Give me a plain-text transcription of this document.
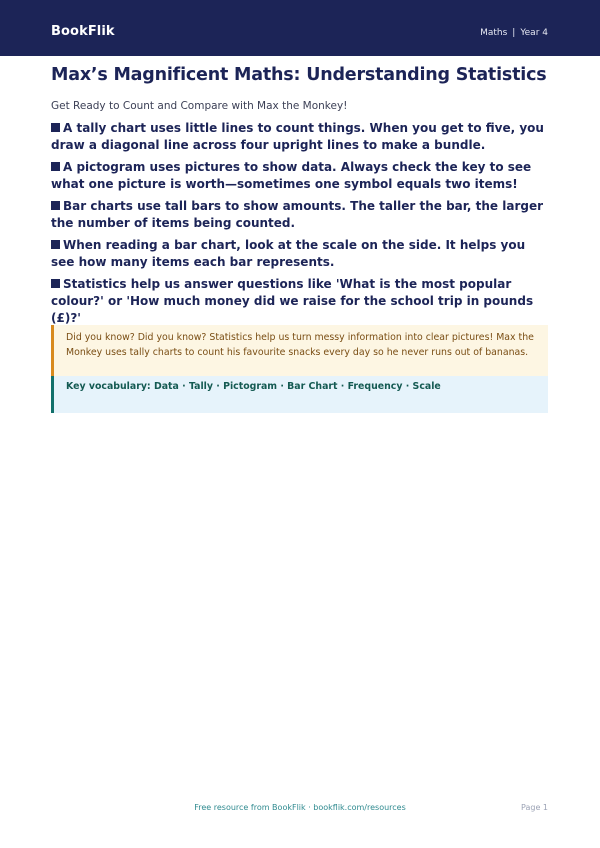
BookFlik	Maths | Year 4
Max’s Magnificent Maths: Understanding Statistics
Get Ready to Count and Compare with Max the Monkey!
A tally chart uses little lines to count things. When you get to five, you draw a diagonal line across four upright lines to make a bundle.
A pictogram uses pictures to show data. Always check the key to see what one picture is worth—sometimes one symbol equals two items!
Bar charts use tall bars to show amounts. The taller the bar, the larger the number of items being counted.
When reading a bar chart, look at the scale on the side. It helps you see how many items each bar represents.
Statistics help us answer questions like 'What is the most popular colour?' or 'How much money did we raise for the school trip in pounds (£)?'
Did you know? Did you know? Statistics help us turn messy information into clear pictures! Max the Monkey uses tally charts to count his favourite snacks every day so he never runs out of bananas.
Key vocabulary: Data · Tally · Pictogram · Bar Chart · Frequency · Scale
Free resource from BookFlik · bookflik.com/resources	Page 1
